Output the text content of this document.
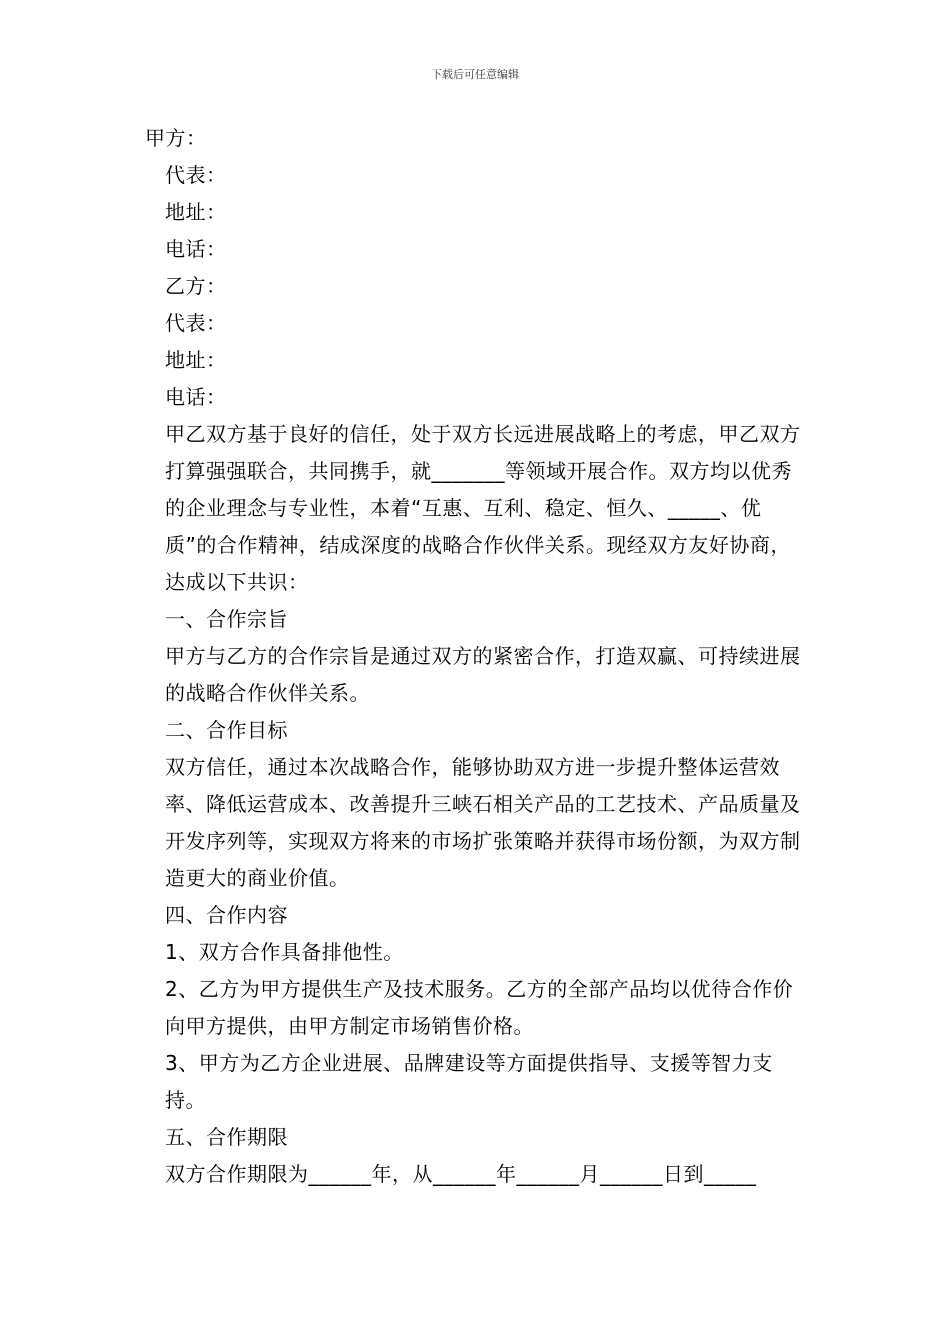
下载后可任意编辑

甲方：

代表：

地址：

电话：

乙方：

代表：

地址：

电话：

甲乙双方基于良好的信任，处于双方长远进展战略上的考虑，甲乙双方打算强强联合，共同携手，就_______等领域开展合作。双方均以优秀的企业理念与专业性，本着“互惠、互利、稳定、恒久、_____、优质”的合作精神，结成深度的战略合作伙伴关系。现经双方友好协商，达成以下共识：

一、合作宗旨

甲方与乙方的合作宗旨是通过双方的紧密合作，打造双赢、可持续进展的战略合作伙伴关系。

二、合作目标

双方信任，通过本次战略合作，能够协助双方进一步提升整体运营效率、降低运营成本、改善提升三峡石相关产品的工艺技术、产品质量及开发序列等，实现双方将来的市场扩张策略并获得市场份额，为双方制造更大的商业价值。

四、合作内容

1、双方合作具备排他性。

2、乙方为甲方提供生产及技术服务。乙方的全部产品均以优待合作价向甲方提供，由甲方制定市场销售价格。

3、甲方为乙方企业进展、品牌建设等方面提供指导、支援等智力支持。

五、合作期限

双方合作期限为______年，从______年______月______日到_____
